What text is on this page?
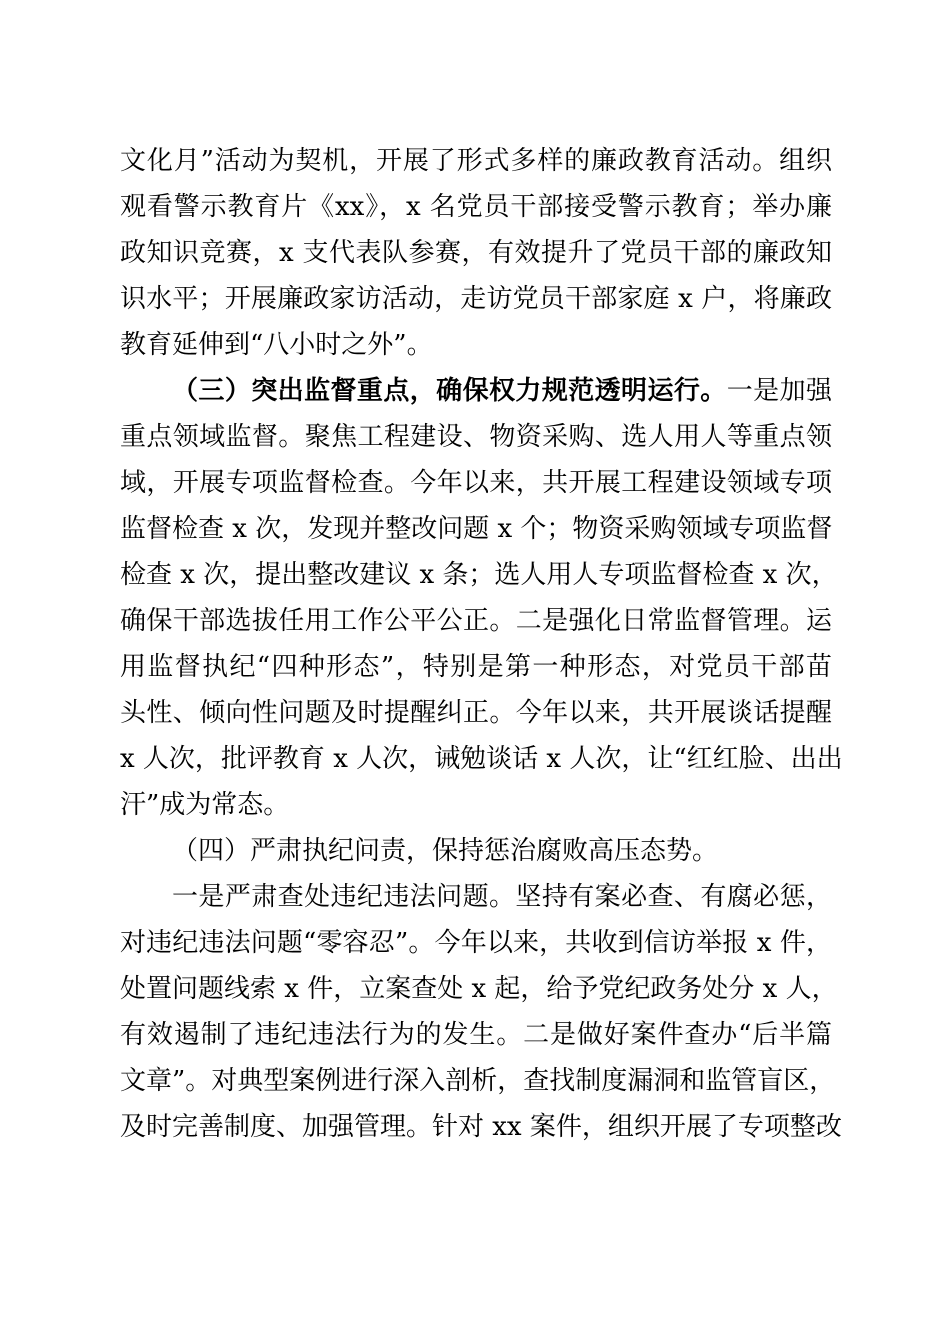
文化月”活动为契机，开展了形式多样的廉政教育活动。组织
观看警示教育片《xx》，x 名党员干部接受警示教育；举办廉
政知识竞赛，x 支代表队参赛，有效提升了党员干部的廉政知
识水平；开展廉政家访活动，走访党员干部家庭 x 户，将廉政
教育延伸到“八小时之外”。
（三）突出监督重点，确保权力规范透明运行。一是加强
重点领域监督。聚焦工程建设、物资采购、选人用人等重点领
域，开展专项监督检查。今年以来，共开展工程建设领域专项
监督检查 x 次，发现并整改问题 x 个；物资采购领域专项监督
检查 x 次，提出整改建议 x 条；选人用人专项监督检查 x 次，
确保干部选拔任用工作公平公正。二是强化日常监督管理。运
用监督执纪“四种形态”，特别是第一种形态，对党员干部苗
头性、倾向性问题及时提醒纠正。今年以来，共开展谈话提醒
x 人次，批评教育 x 人次，诫勉谈话 x 人次，让“红红脸、出出
汗”成为常态。
（四）严肃执纪问责，保持惩治腐败高压态势。
一是严肃查处违纪违法问题。坚持有案必查、有腐必惩，
对违纪违法问题“零容忍”。今年以来，共收到信访举报 x 件，
处置问题线索 x 件，立案查处 x 起，给予党纪政务处分 x 人，
有效遏制了违纪违法行为的发生。二是做好案件查办“后半篇
文章”。对典型案例进行深入剖析，查找制度漏洞和监管盲区，
及时完善制度、加强管理。针对 xx 案件，组织开展了专项整改
